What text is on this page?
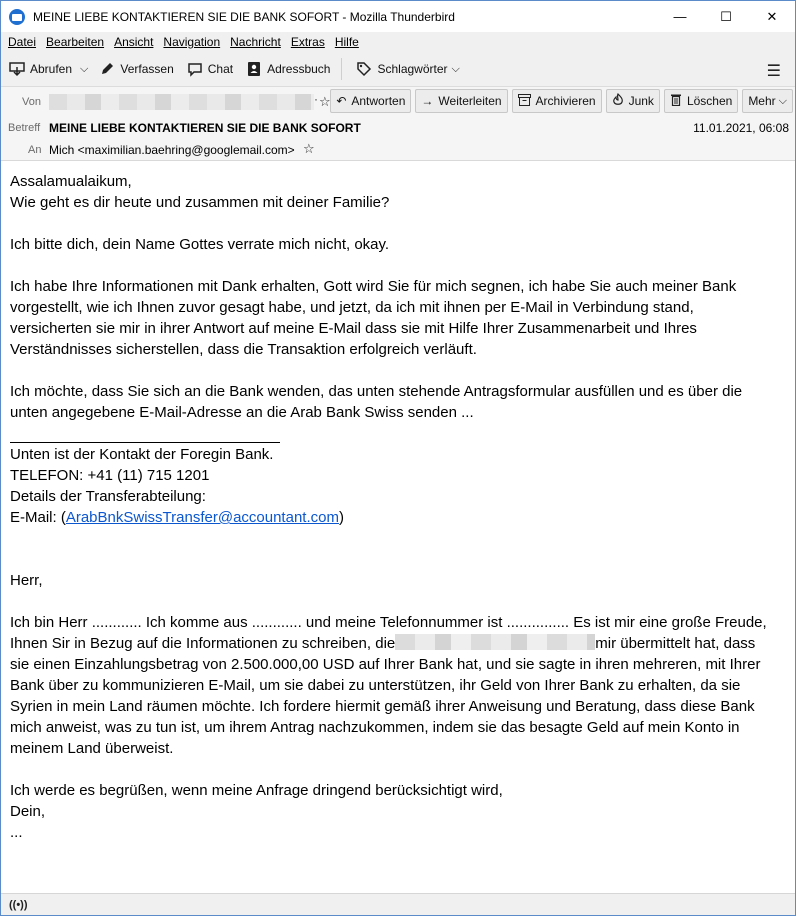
MEINE LIEBE KONTAKTIEREN SIE DIE BANK SOFORT - Mozilla Thunderbird	—	☐	✕
Datei Bearbeiten Ansicht Navigation Nachricht Extras Hilfe
Abrufen ⌵	Verfassen	Chat	Adressbuch	Schlagwörter ⌵	☰
Von	· ☆ ↶ Antworten → Weiterleiten	Archivieren	Junk	Löschen Mehr ⌵
Betreff MEINE LIEBE KONTAKTIEREN SIE DIE BANK SOFORT	11.01.2021, 06:08
An Mich <maximilian.baehring@googlemail.com> ☆
Assalamualaikum,
Wie geht es dir heute und zusammen mit deiner Familie?
Ich bitte dich, dein Name Gottes verrate mich nicht, okay.
Ich habe Ihre Informationen mit Dank erhalten, Gott wird Sie für mich segnen, ich habe Sie auch meiner Bank
vorgestellt, wie ich Ihnen zuvor gesagt habe, und jetzt, da ich mit ihnen per E-Mail in Verbindung stand,
versicherten sie mir in ihrer Antwort auf meine E-Mail dass sie mit Hilfe Ihrer Zusammenarbeit und Ihres
Verständnisses sicherstellen, dass die Transaktion erfolgreich verläuft.
Ich möchte, dass Sie sich an die Bank wenden, das unten stehende Antragsformular ausfüllen und es über die
unten angegebene E-Mail-Adresse an die Arab Bank Swiss senden ...
Unten ist der Kontakt der Foregin Bank.
TELEFON: +41 (11) 715 1201
Details der Transferabteilung:
E-Mail: (ArabBnkSwissTransfer@accountant.com)
Herr,
Ich bin Herr ............ Ich komme aus ............ und meine Telefonnummer ist ............... Es ist mir eine große Freude,
Ihnen Sir in Bezug auf die Informationen zu schreiben, die	mir übermittelt hat, dass
sie einen Einzahlungsbetrag von 2.500.000,00 USD auf Ihrer Bank hat, und sie sagte in ihren mehreren, mit Ihrer
Bank über zu kommunizieren E-Mail, um sie dabei zu unterstützen, ihr Geld von Ihrer Bank zu erhalten, da sie
Syrien in mein Land räumen möchte. Ich fordere hiermit gemäß ihrer Anweisung und Beratung, dass diese Bank
mich anweist, was zu tun ist, um ihrem Antrag nachzukommen, indem sie das besagte Geld auf mein Konto in
meinem Land überweist.
Ich werde es begrüßen, wenn meine Anfrage dringend berücksichtigt wird,
Dein,
...
((•))
